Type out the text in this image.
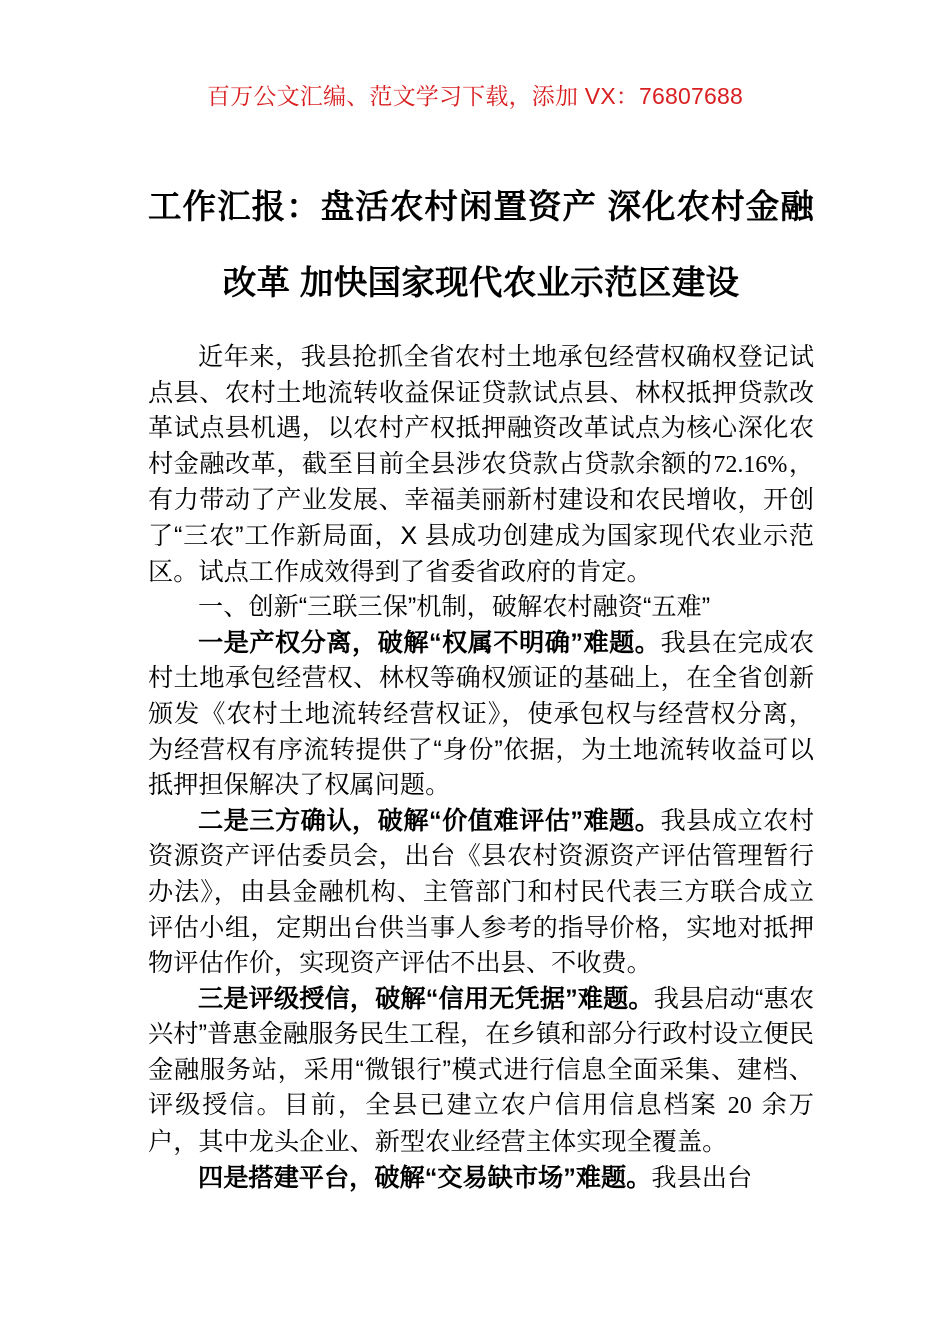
百万公文汇编、范文学习下载，添加 VX：76807688
工作汇报：盘活农村闲置资产 深化农村金融改革 加快国家现代农业示范区建设

近年来，我县抢抓全省农村土地承包经营权确权登记试点县、农村土地流转收益保证贷款试点县、林权抵押贷款改革试点县机遇，以农村产权抵押融资改革试点为核心深化农村金融改革，截至目前全县涉农贷款占贷款余额的72.16%，有力带动了产业发展、幸福美丽新村建设和农民增收，开创了“三农”工作新局面，X 县成功创建成为国家现代农业示范区。试点工作成效得到了省委省政府的肯定。

一、创新“三联三保”机制，破解农村融资“五难”

一是产权分离，破解“权属不明确”难题。我县在完成农村土地承包经营权、林权等确权颁证的基础上，在全省创新颁发《农村土地流转经营权证》，使承包权与经营权分离，为经营权有序流转提供了“身份”依据，为土地流转收益可以抵押担保解决了权属问题。

二是三方确认，破解“价值难评估”难题。我县成立农村资源资产评估委员会，出台《县农村资源资产评估管理暂行办法》，由县金融机构、主管部门和村民代表三方联合成立评估小组，定期出台供当事人参考的指导价格，实地对抵押物评估作价，实现资产评估不出县、不收费。

三是评级授信，破解“信用无凭据”难题。我县启动“惠农兴村”普惠金融服务民生工程，在乡镇和部分行政村设立便民金融服务站，采用“微银行”模式进行信息全面采集、建档、评级授信。目前，全县已建立农户信用信息档案 20 余万户，其中龙头企业、新型农业经营主体实现全覆盖。

四是搭建平台，破解“交易缺市场”难题。我县出台
